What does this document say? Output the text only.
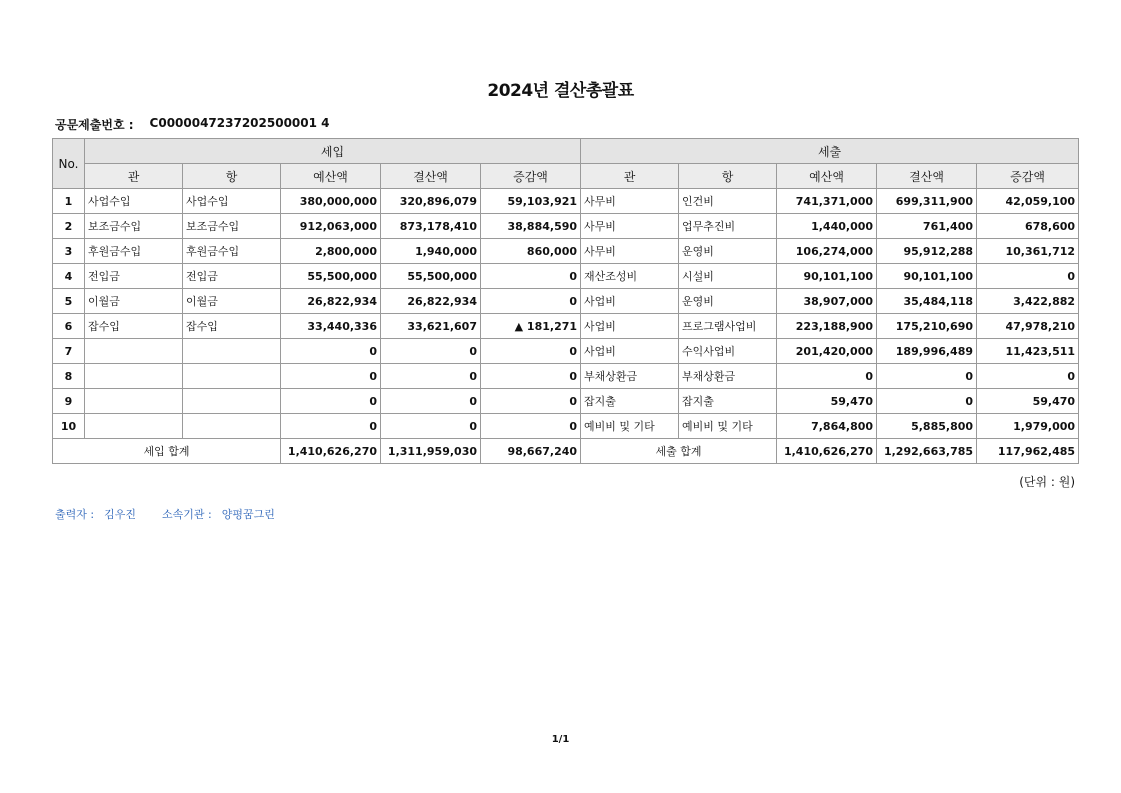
2024년 결산총괄표
공문제출번호 : C0000047237202500001 4
No.	세입					세출				
	관	항	예산액	결산액	증감액	관	항	예산액	결산액	증감액
1	사업수입	사업수입	380,000,000	320,896,079	59,103,921	사무비	인건비	741,371,000	699,311,900	42,059,100
2	보조금수입	보조금수입	912,063,000	873,178,410	38,884,590	사무비	업무추진비	1,440,000	761,400	678,600
3	후원금수입	후원금수입	2,800,000	1,940,000	860,000	사무비	운영비	106,274,000	95,912,288	10,361,712
4	전입금	전입금	55,500,000	55,500,000	0	재산조성비	시설비	90,101,100	90,101,100	0
5	이월금	이월금	26,822,934	26,822,934	0	사업비	운영비	38,907,000	35,484,118	3,422,882
6	잡수입	잡수입	33,440,336	33,621,607	▲ 181,271	사업비	프로그램사업비	223,188,900	175,210,690	47,978,210
7			0	0	0	사업비	수익사업비	201,420,000	189,996,489	11,423,511
8			0	0	0	부채상환금	부채상환금	0	0	0
9			0	0	0	잡지출	잡지출	59,470	0	59,470
10			0	0	0	예비비 및 기타	예비비 및 기타	7,864,800	5,885,800	1,979,000
세입 합계			1,410,626,270	1,311,959,030	98,667,240	세출 합계		1,410,626,270	1,292,663,785	117,962,485
(단위 : 원)
출력자 : 김우진 소속기관 : 양평꿈그린
1/1
